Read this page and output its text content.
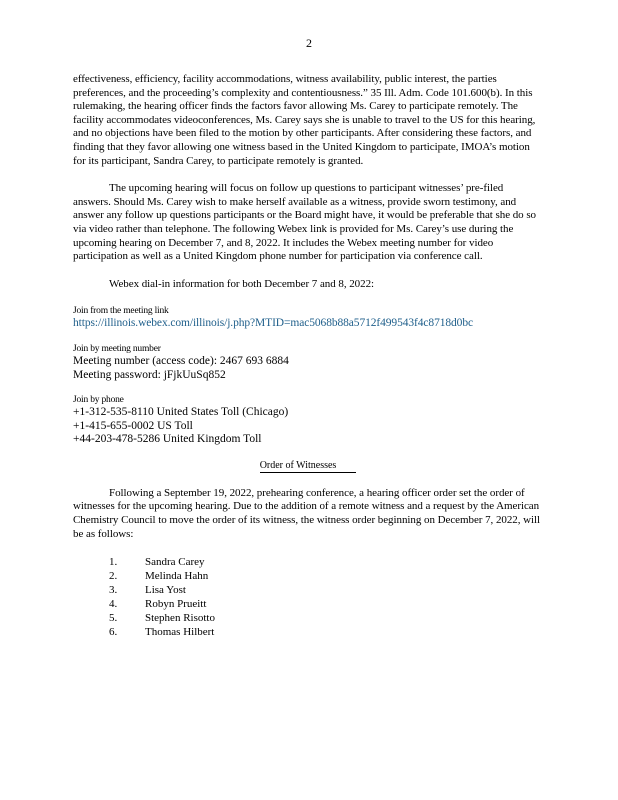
2

effectiveness, efficiency, facility accommodations, witness availability, public interest, the parties preferences, and the proceeding’s complexity and contentiousness.” 35 Ill. Adm. Code 101.600(b). In this rulemaking, the hearing officer finds the factors favor allowing Ms. Carey to participate remotely. The facility accommodates videoconferences, Ms. Carey says she is unable to travel to the US for this hearing, and no objections have been filed to the motion by other participants. After considering these factors, and finding that they favor allowing one witness based in the United Kingdom to participate, IMOA’s motion for its participant, Sandra Carey, to participate remotely is granted.

The upcoming hearing will focus on follow up questions to participant witnesses’ pre-filed answers. Should Ms. Carey wish to make herself available as a witness, provide sworn testimony, and answer any follow up questions participants or the Board might have, it would be preferable that she do so via video rather than telephone. The following Webex link is provided for Ms. Carey’s use during the upcoming hearing on December 7, and 8, 2022. It includes the Webex meeting number for video participation as well as a United Kingdom phone number for participation via conference call.

Webex dial-in information for both December 7 and 8, 2022:

Join from the meeting link

https://illinois.webex.com/illinois/j.php?MTID=mac5068b88a5712f499543f4c8718d0bc

Join by meeting number

Meeting number (access code): 2467 693 6884

Meeting password: jFjkUuSq852

Join by phone

+1-312-535-8110 United States Toll (Chicago)

+1-415-655-0002 US Toll

+44-203-478-5286 United Kingdom Toll

Order of Witnesses

Following a September 19, 2022, prehearing conference, a hearing officer order set the order of witnesses for the upcoming hearing. Due to the addition of a remote witness and a request by the American Chemistry Council to move the order of its witness, the witness order beginning on December 7, 2022, will be as follows:

1.	Sandra Carey
2.	Melinda Hahn
3.	Lisa Yost
4.	Robyn Prueitt
5.	Stephen Risotto
6.	Thomas Hilbert
